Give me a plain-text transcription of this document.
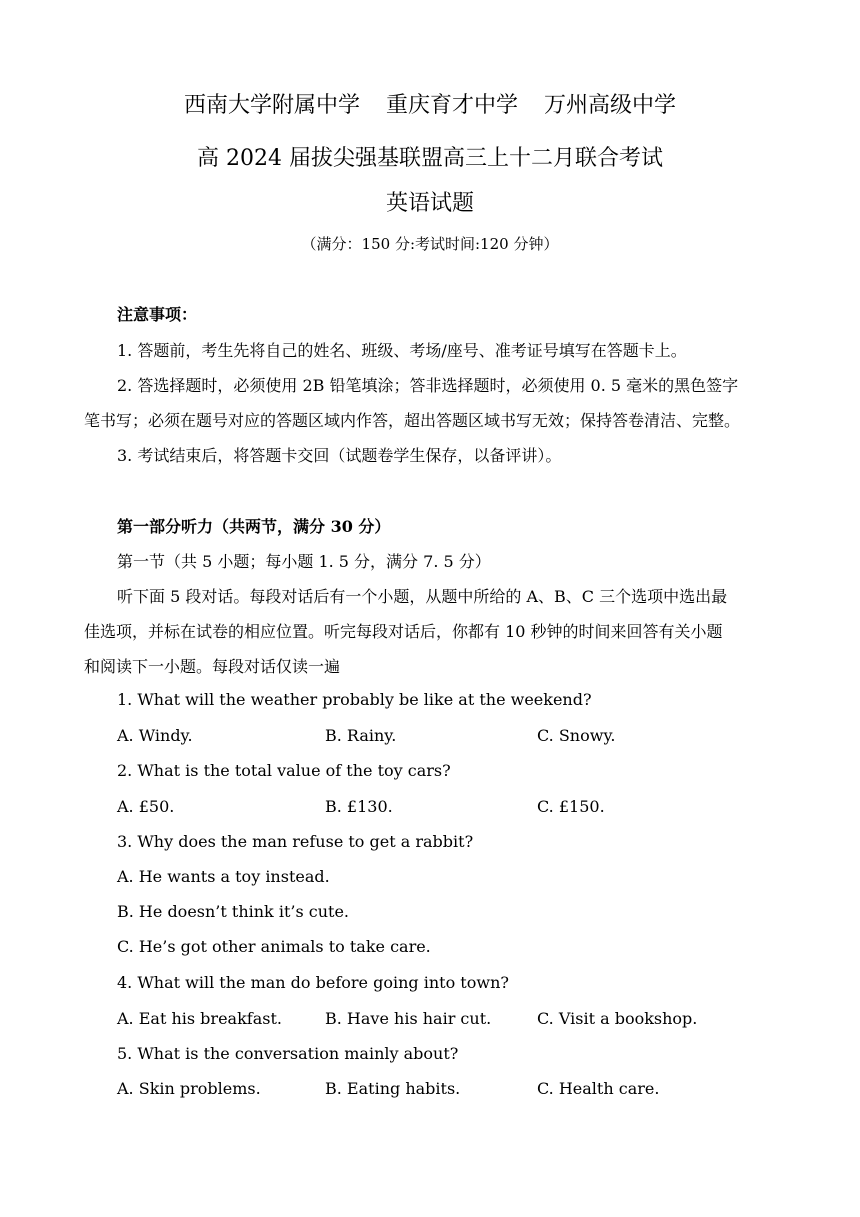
西南大学附属中学 重庆育才中学 万州高级中学
高 2024 届拔尖强基联盟高三上十二月联合考试
英语试题
（满分：150 分:考试时间:120 分钟）
注意事项：
1. 答题前，考生先将自己的姓名、班级、考场/座号、准考证号填写在答题卡上。
2. 答选择题时，必须使用 2B 铅笔填涂；答非选择题时，必须使用 0. 5 毫米的黑色签字
笔书写；必须在题号对应的答题区域内作答，超出答题区域书写无效；保持答卷清洁、完整。
3. 考试结束后，将答题卡交回（试题卷学生保存，以备评讲）。
第一部分听力（共两节，满分 30 分）
第一节（共 5 小题；每小题 1. 5 分，满分 7. 5 分）
听下面 5 段对话。每段对话后有一个小题，从题中所给的 A、B、C 三个选项中选出最
佳选项，并标在试卷的相应位置。听完每段对话后，你都有 10 秒钟的时间来回答有关小题
和阅读下一小题。每段对话仅读一遍
1. What will the weather probably be like at the weekend?
A. Windy.	B. Rainy.	C. Snowy.
2. What is the total value of the toy cars?
A. £50.	B. £130.	C. £150.
3. Why does the man refuse to get a rabbit?
A. He wants a toy instead.
B. He doesn’t think it’s cute.
C. He’s got other animals to take care.
4. What will the man do before going into town?
A. Eat his breakfast.	B. Have his hair cut.	C. Visit a bookshop.
5. What is the conversation mainly about?
A. Skin problems.	B. Eating habits.	C. Health care.
